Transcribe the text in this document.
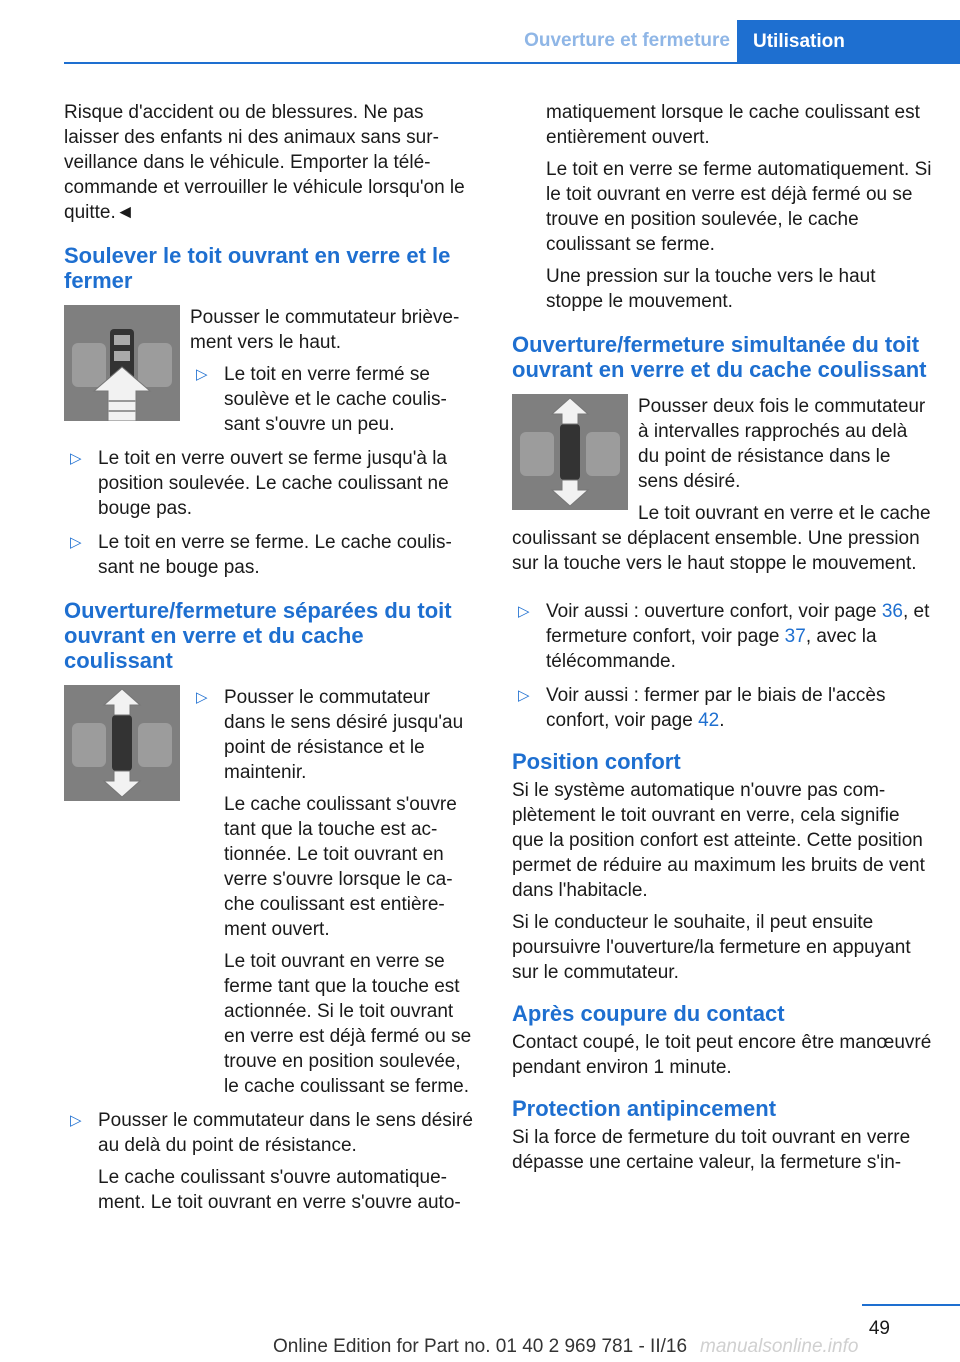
Ouverture et fermeture	Utilisation

Risque d'accident ou de blessures. Ne pas laisser des enfants ni des animaux sans surveillance dans le véhicule. Emporter la télécommande et verrouiller le véhicule lorsqu'on le quitte.◄

Soulever le toit ouvrant en verre et le fermer

Pousser le commutateur brièvement vers le haut.

▷ Le toit en verre fermé se soulève et le cache coulissant s'ouvre un peu.
▷ Le toit en verre ouvert se ferme jusqu'à la position soulevée. Le cache coulissant ne bouge pas.
▷ Le toit en verre se ferme. Le cache coulissant ne bouge pas.
Ouverture/fermeture séparées du toit ouvrant en verre et du cache coulissant
▷ Pousser le commutateur dans le sens désiré jusqu'au point de résistance et le maintenir.

Le cache coulissant s'ouvre tant que la touche est actionnée. Le toit ouvrant en verre s'ouvre lorsque le cache coulissant est entièrement ouvert.

Le toit ouvrant en verre se ferme tant que la touche est actionnée. Si le toit ouvrant en verre est déjà fermé ou se trouve en position soulevée, le cache coulissant se ferme.

▷ Pousser le commutateur dans le sens désiré au delà du point de résistance.

Le cache coulissant s'ouvre automatiquement. Le toit ouvrant en verre s'ouvre auto-

matiquement lorsque le cache coulissant est entièrement ouvert.

Le toit en verre se ferme automatiquement. Si le toit ouvrant en verre est déjà fermé ou se trouve en position soulevée, le cache coulissant se ferme.

Une pression sur la touche vers le haut stoppe le mouvement.

Ouverture/fermeture simultanée du toit ouvrant en verre et du cache coulissant

Pousser deux fois le commutateur à intervalles rapprochés au delà du point de résistance dans le sens désiré.

Le toit ouvrant en verre et le cache coulissant se déplacent ensemble. Une pression sur la touche vers le haut stoppe le mouvement.

▷ Voir aussi : ouverture confort, voir page 36, et fermeture confort, voir page 37, avec la télécommande.
▷ Voir aussi : fermer par le biais de l'accès confort, voir page 42.
Position confort

Si le système automatique n'ouvre pas complètement le toit ouvrant en verre, cela signifie que la position confort est atteinte. Cette position permet de réduire au maximum les bruits de vent dans l'habitacle.

Si le conducteur le souhaite, il peut ensuite poursuivre l'ouverture/la fermeture en appuyant sur le commutateur.

Après coupure du contact

Contact coupé, le toit peut encore être manœuvré pendant environ 1 minute.

Protection antipincement

Si la force de fermeture du toit ouvrant en verre dépasse une certaine valeur, la fermeture s'in-

49
manualsonline.info
Online Edition for Part no. 01 40 2 969 781 - II/16
